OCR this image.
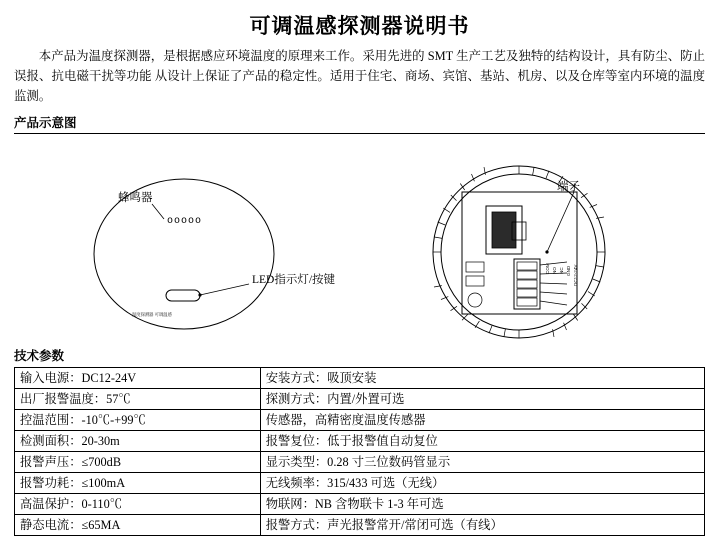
可调温感探测器说明书
本产品为温度探测器，是根据感应环境温度的原理来工作。采用先进的 SMT 生产工艺及独特的结构设计，具有防尘、防止误报、抗电磁干扰等功能 从设计上保证了产品的稳定性。适用于住宅、商场、宾馆、基站、机房、以及仓库等室内环境的温度监测。
产品示意图
ooooo
蜂鸣器
LED指示灯/按键
端子
温度探测器 可调温感
COM NO NC GND DC12-24V
技术参数
输入电源：DC12-24V	安装方式：吸顶安装
出厂报警温度：57℃	探测方式：内置/外置可选
控温范围：-10℃-+99℃	传感器，高精密度温度传感器
检测面积：20-30m	报警复位：低于报警值自动复位
报警声压：≤700dB	显示类型：0.28 寸三位数码管显示
报警功耗：≤100mA	无线频率：315/433 可选（无线）
高温保护：0-110℃	物联网：NB 含物联卡 1-3 年可选
静态电流：≤65MA	报警方式：声光报警常开/常闭可选（有线）
